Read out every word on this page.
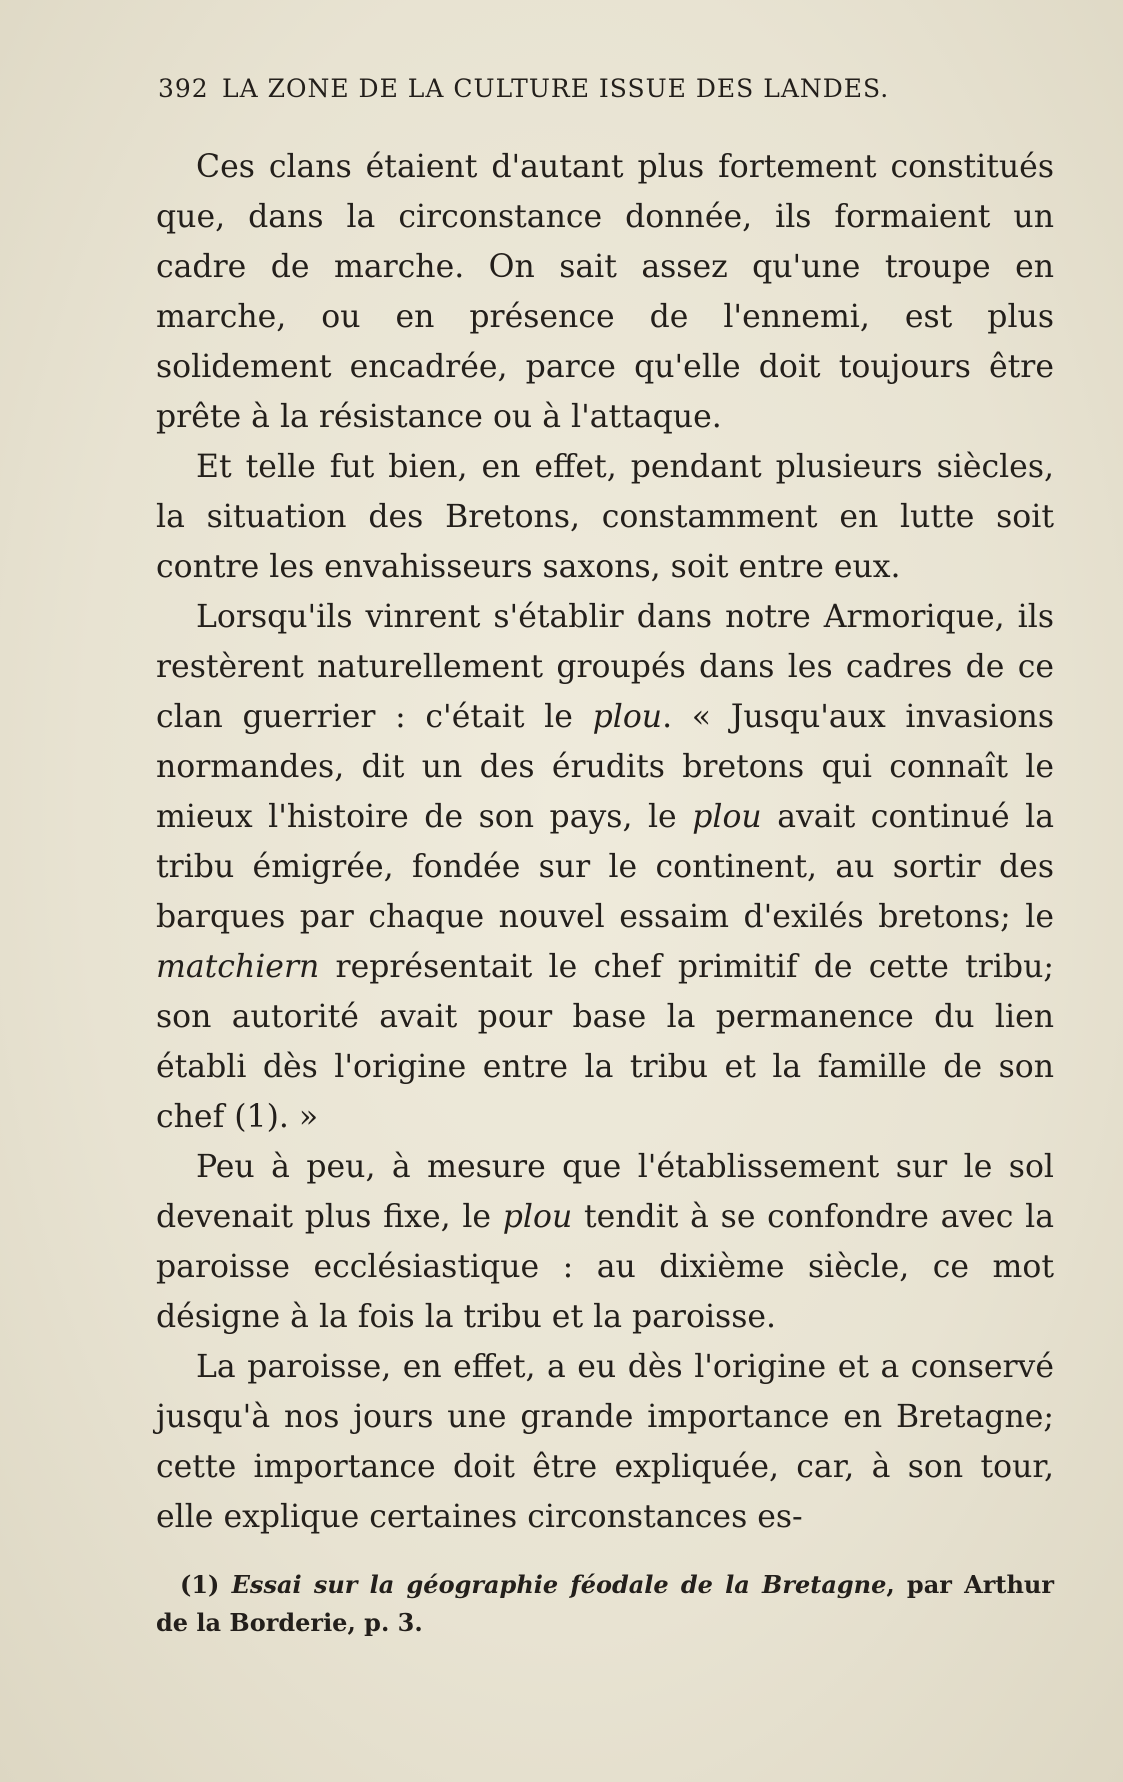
392 LA ZONE DE LA CULTURE ISSUE DES LANDES.

Ces clans étaient d'autant plus fortement constitués que, dans la circonstance donnée, ils formaient un cadre de marche. On sait assez qu'une troupe en marche, ou en présence de l'ennemi, est plus solidement encadrée, parce qu'elle doit toujours être prête à la résistance ou à l'attaque.

Et telle fut bien, en effet, pendant plusieurs siècles, la situation des Bretons, constamment en lutte soit contre les envahisseurs saxons, soit entre eux.

Lorsqu'ils vinrent s'établir dans notre Armorique, ils restèrent naturellement groupés dans les cadres de ce clan guerrier : c'était le plou. « Jusqu'aux invasions normandes, dit un des érudits bretons qui connaît le mieux l'histoire de son pays, le plou avait continué la tribu émigrée, fondée sur le continent, au sortir des barques par chaque nouvel essaim d'exilés bretons; le matchiern représentait le chef primitif de cette tribu; son autorité avait pour base la permanence du lien établi dès l'origine entre la tribu et la famille de son chef (1). »

Peu à peu, à mesure que l'établissement sur le sol devenait plus fixe, le plou tendit à se confondre avec la paroisse ecclésiastique : au dixième siècle, ce mot désigne à la fois la tribu et la paroisse.

La paroisse, en effet, a eu dès l'origine et a conservé jusqu'à nos jours une grande importance en Bretagne; cette importance doit être expliquée, car, à son tour, elle explique certaines circonstances es-

(1) Essai sur la géographie féodale de la Bretagne, par Arthur de la Borderie, p. 3.
